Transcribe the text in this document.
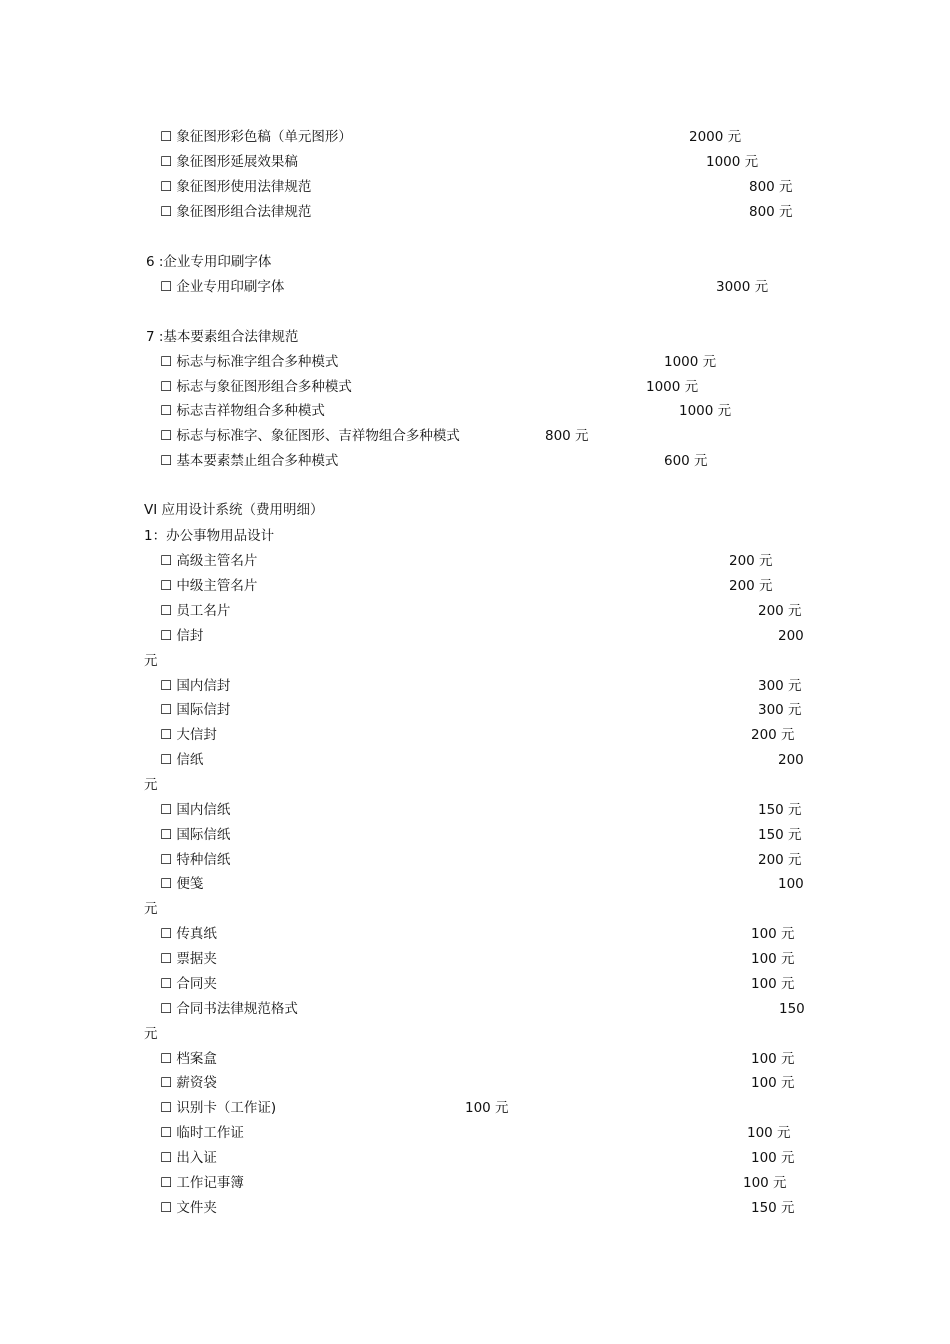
☐ 象征图形彩色稿（单元图形）	2000 元
☐ 象征图形延展效果稿	1000 元
☐ 象征图形使用法律规范	800 元
☐ 象征图形组合法律规范	800 元
6 :企业专用印刷字体
☐ 企业专用印刷字体	3000 元
7 :基本要素组合法律规范
☐ 标志与标准字组合多种模式	1000 元
☐ 标志与象征图形组合多种模式	1000 元
☐ 标志吉祥物组合多种模式	1000 元
☐ 标志与标准字、象征图形、吉祥物组合多种模式	800 元
☐ 基本要素禁止组合多种模式	600 元
VI 应用设计系统（费用明细）
1：办公事物用品设计
☐ 高级主管名片	200 元
☐ 中级主管名片	200 元
☐ 员工名片	200 元
☐ 信封	200
元
☐ 国内信封	300 元
☐ 国际信封	300 元
☐ 大信封	200 元
☐ 信纸	200
元
☐ 国内信纸	150 元
☐ 国际信纸	150 元
☐ 特种信纸	200 元
☐ 便笺	100
元
☐ 传真纸	100 元
☐ 票据夹	100 元
☐ 合同夹	100 元
☐ 合同书法律规范格式	150
元
☐ 档案盒	100 元
☐ 薪资袋	100 元
☐ 识别卡（工作证)	100 元
☐ 临时工作证	100 元
☐ 出入证	100 元
☐ 工作记事簿	100 元
☐ 文件夹	150 元
